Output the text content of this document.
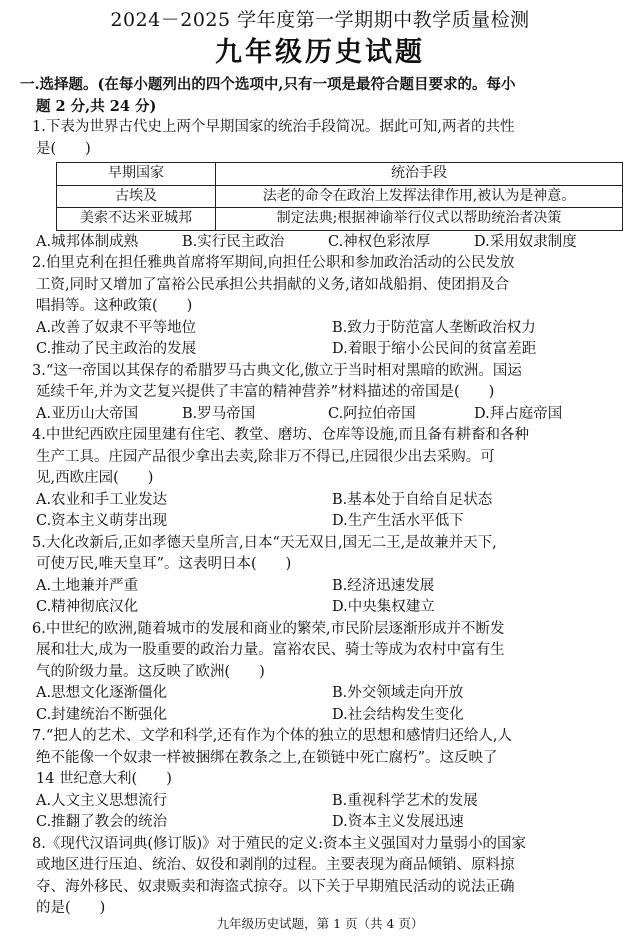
2024－2025 学年度第一学期期中教学质量检测
九年级历史试题
一.选择题。(在每小题列出的四个选项中,只有一项是最符合题目要求的。每小
题 2 分,共 24 分)
1.下表为世界古代史上两个早期国家的统治手段简况。据此可知,两者的共性
是(　　)
早期国家	统治手段
古埃及	法老的命令在政治上发挥法律作用,被认为是神意。
美索不达米亚城邦	制定法典;根据神谕举行仪式以帮助统治者决策
A.城邦体制成熟	B.实行民主政治	C.神权色彩浓厚	D.采用奴隶制度
2.伯里克利在担任雅典首席将军期间,向担任公职和参加政治活动的公民发放
工资,同时又增加了富裕公民承担公共捐献的义务,诸如战船捐、使团捐及合
唱捐等。这种政策(　　)
A.改善了奴隶不平等地位	B.致力于防范富人垄断政治权力
C.推动了民主政治的发展	D.着眼于缩小公民间的贫富差距
3.“这一帝国以其保存的希腊罗马古典文化,傲立于当时相对黑暗的欧洲。国运
延续千年,并为文艺复兴提供了丰富的精神营养”材料描述的帝国是(　　)
A.亚历山大帝国	B.罗马帝国	C.阿拉伯帝国	D.拜占庭帝国
4.中世纪西欧庄园里建有住宅、教堂、磨坊、仓库等设施,而且备有耕畜和各种
生产工具。庄园产品很少拿出去卖,除非万不得已,庄园很少出去采购。可
见,西欧庄园(　　)
A.农业和手工业发达	B.基本处于自给自足状态
C.资本主义萌芽出现	D.生产生活水平低下
5.大化改新后,正如孝德天皇所言,日本“天无双日,国无二王,是故兼并天下,
可使万民,唯天皇耳”。这表明日本(　　)
A.土地兼并严重	B.经济迅速发展
C.精神彻底汉化	D.中央集权建立
6.中世纪的欧洲,随着城市的发展和商业的繁荣,市民阶层逐渐形成并不断发
展和壮大,成为一股重要的政治力量。富裕农民、骑士等成为农村中富有生
气的阶级力量。这反映了欧洲(　　)
A.思想文化逐渐僵化	B.外交领域走向开放
C.封建统治不断强化	D.社会结构发生变化
7.“把人的艺术、文学和科学,还有作为个体的独立的思想和感情归还给人,人
绝不能像一个奴隶一样被捆绑在教条之上,在锁链中死亡腐朽”。这反映了
14 世纪意大利(　　)
A.人文主义思想流行	B.重视科学艺术的发展
C.推翻了教会的统治	D.资本主义发展迅速
8.《现代汉语词典(修订版)》对于殖民的定义:资本主义强国对力量弱小的国家
或地区进行压迫、统治、奴役和剥削的过程。主要表现为商品倾销、原料掠
夺、海外移民、奴隶贩卖和海盗式掠夺。以下关于早期殖民活动的说法正确
的是(　　)
九年级历史试题，第 1 页（共 4 页）
